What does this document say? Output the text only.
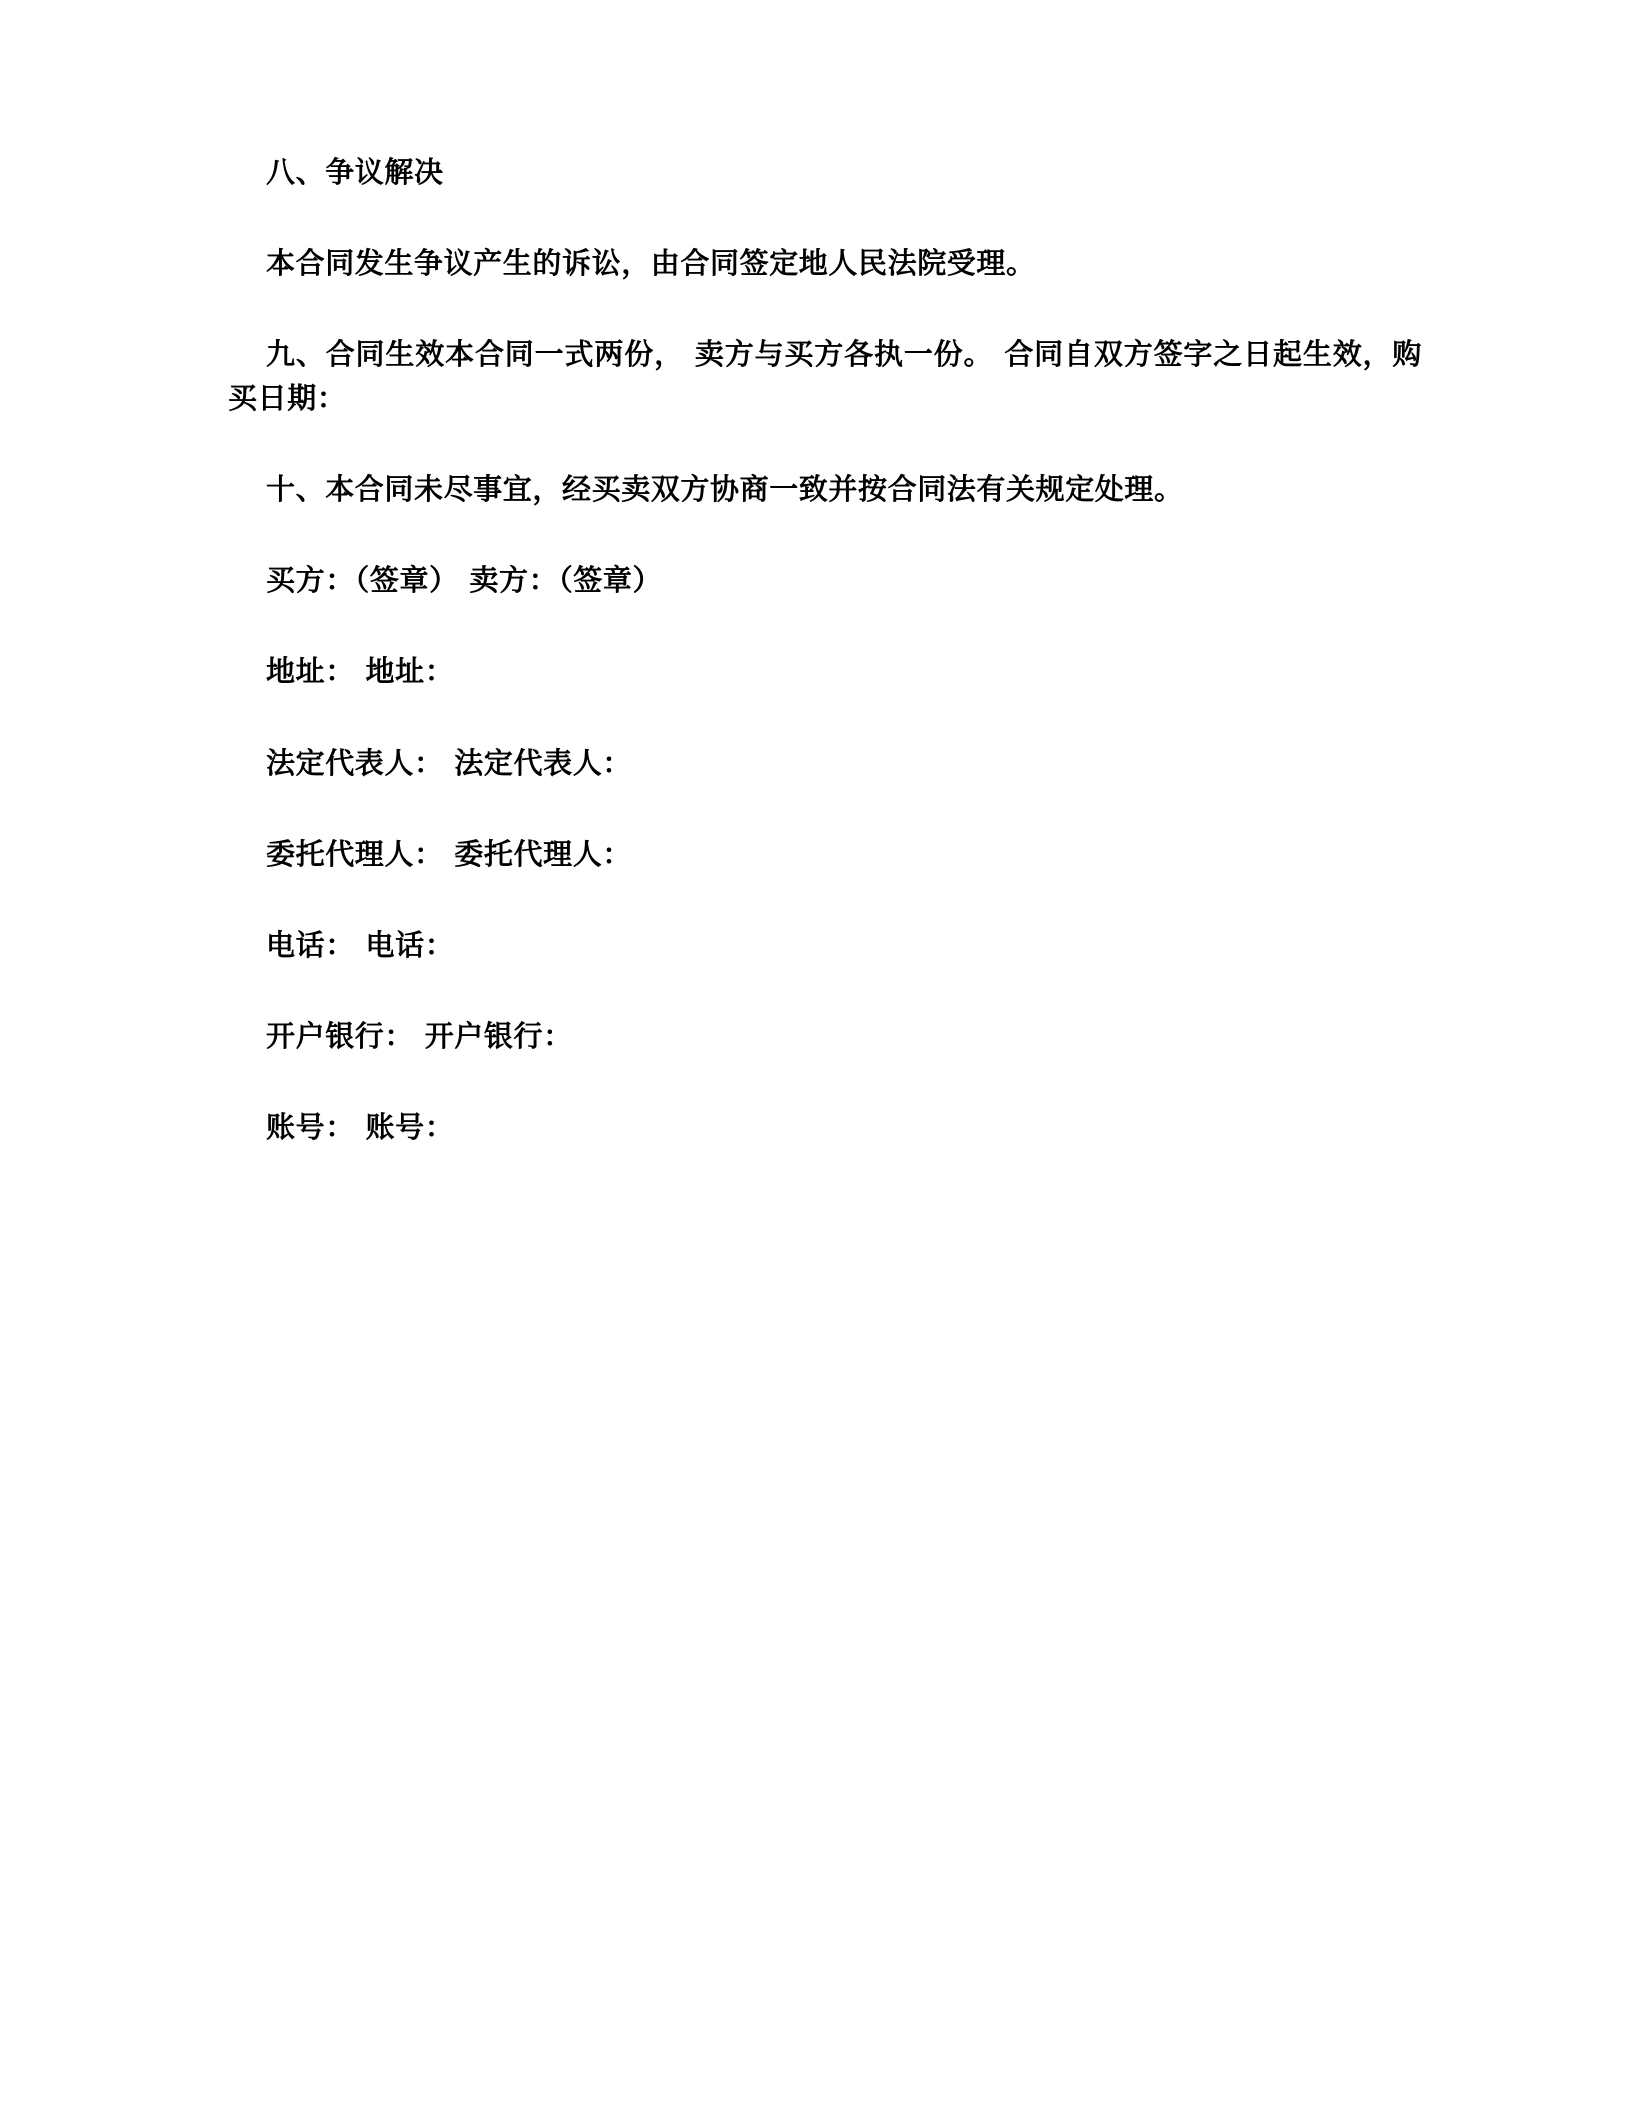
八、争议解决

本合同发生争议产生的诉讼，由合同签定地人民法院受理。

九、合同生效本合同一式两份， 卖方与买方各执一份。 合同自双方签字之日起生效，购买日期：

十、本合同未尽事宜，经买卖双方协商一致并按合同法有关规定处理。

买方：（签章） 卖方：（签章）

地址： 地址：

法定代表人： 法定代表人：

委托代理人： 委托代理人：

电话： 电话：

开户银行： 开户银行：

账号： 账号：
